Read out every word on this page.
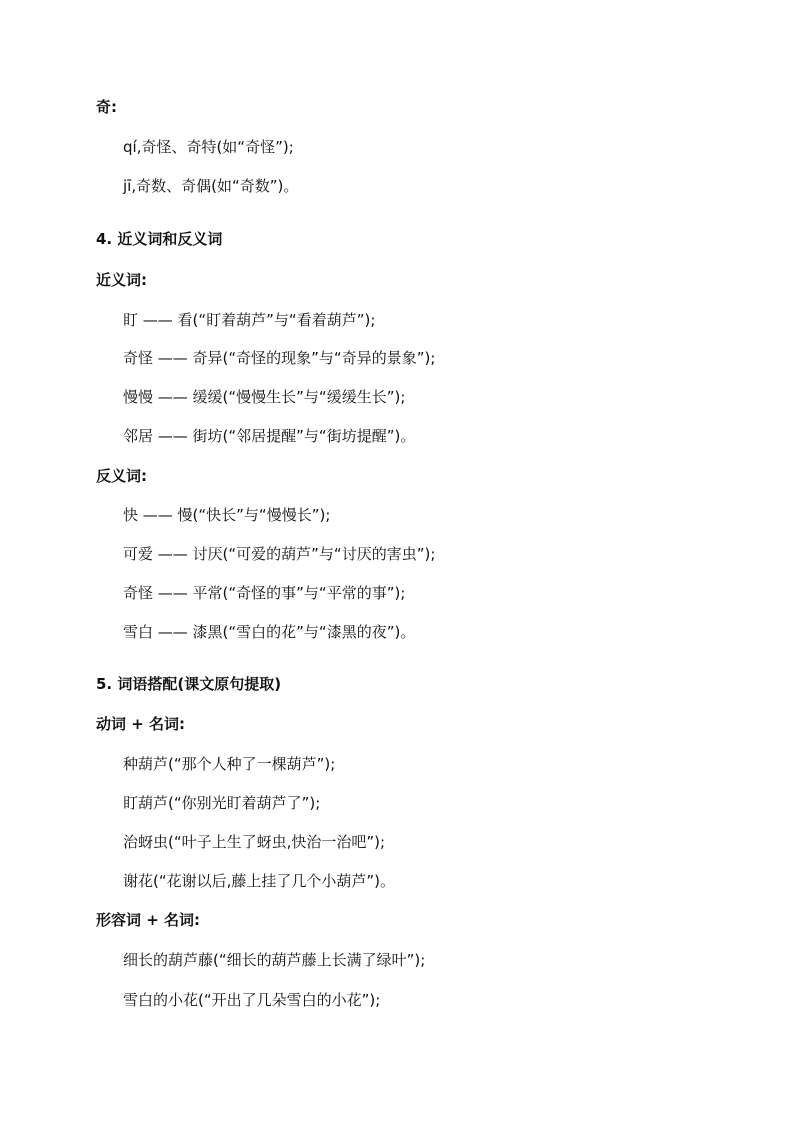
奇:
qí,奇怪、奇特(如“奇怪”);
jī,奇数、奇偶(如“奇数”)。
4. 近义词和反义词
近义词:
盯 —— 看(“盯着葫芦”与“看着葫芦”);
奇怪 —— 奇异(“奇怪的现象”与“奇异的景象”);
慢慢 —— 缓缓(“慢慢生长”与“缓缓生长”);
邻居 —— 街坊(“邻居提醒”与“街坊提醒”)。
反义词:
快 —— 慢(“快长”与“慢慢长”);
可爱 —— 讨厌(“可爱的葫芦”与“讨厌的害虫”);
奇怪 —— 平常(“奇怪的事”与“平常的事”);
雪白 —— 漆黑(“雪白的花”与“漆黑的夜”)。
5. 词语搭配(课文原句提取)
动词 + 名词:
种葫芦(“那个人种了一棵葫芦”);
盯葫芦(“你别光盯着葫芦了”);
治蚜虫(“叶子上生了蚜虫,快治一治吧”);
谢花(“花谢以后,藤上挂了几个小葫芦”)。
形容词 + 名词:
细长的葫芦藤(“细长的葫芦藤上长满了绿叶”);
雪白的小花(“开出了几朵雪白的小花”);
